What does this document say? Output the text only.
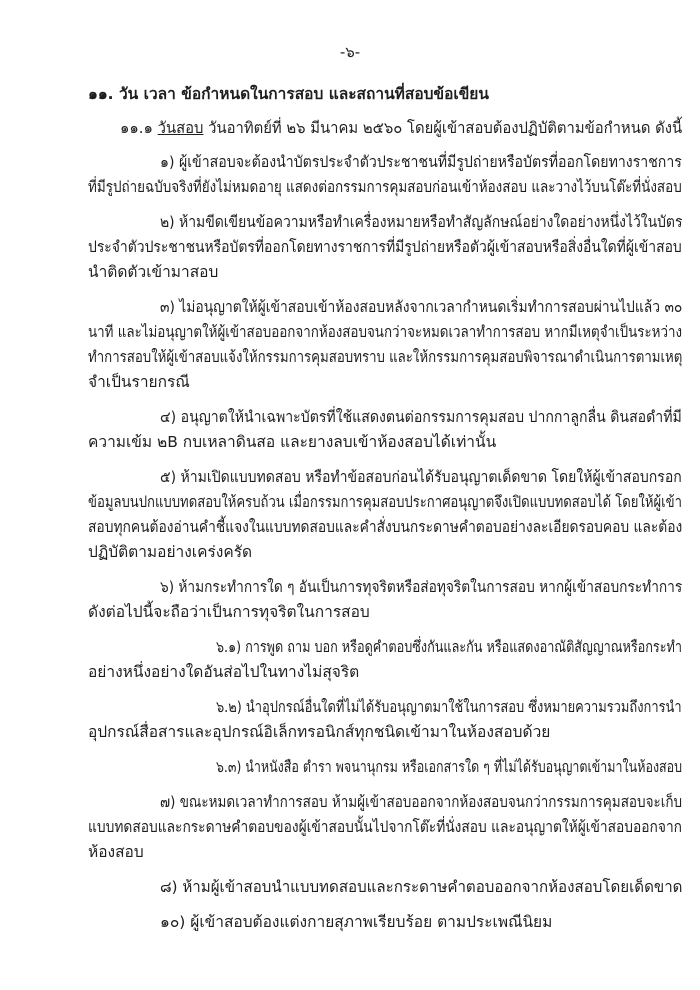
-๖-
๑๑. วัน เวลา ข้อกำหนดในการสอบ และสถานที่สอบข้อเขียน
๑๑.๑ วันสอบ วันอาทิตย์ที่ ๒๖ มีนาคม ๒๕๖๐ โดยผู้เข้าสอบต้องปฏิบัติตามข้อกำหนด ดังนี้
๑) ผู้เข้าสอบจะต้องนำบัตรประจำตัวประชาชนที่มีรูปถ่ายหรือบัตรที่ออกโดยทางราชการ
ที่มีรูปถ่ายฉบับจริงที่ยังไม่หมดอายุ แสดงต่อกรรมการคุมสอบก่อนเข้าห้องสอบ และวางไว้บนโต๊ะที่นั่งสอบ
๒) ห้ามขีดเขียนข้อความหรือทำเครื่องหมายหรือทำสัญลักษณ์อย่างใดอย่างหนึ่งไว้ในบัตร
ประจำตัวประชาชนหรือบัตรที่ออกโดยทางราชการที่มีรูปถ่ายหรือตัวผู้เข้าสอบหรือสิ่งอื่นใดที่ผู้เข้าสอบ
นำติดตัวเข้ามาสอบ
๓) ไม่อนุญาตให้ผู้เข้าสอบเข้าห้องสอบหลังจากเวลากำหนดเริ่มทำการสอบผ่านไปแล้ว ๓๐
นาที และไม่อนุญาตให้ผู้เข้าสอบออกจากห้องสอบจนกว่าจะหมดเวลาทำการสอบ หากมีเหตุจำเป็นระหว่าง
ทำการสอบให้ผู้เข้าสอบแจ้งให้กรรมการคุมสอบทราบ และให้กรรมการคุมสอบพิจารณาดำเนินการตามเหตุ
จำเป็นรายกรณี
๔) อนุญาตให้นำเฉพาะบัตรที่ใช้แสดงตนต่อกรรมการคุมสอบ ปากกาลูกลื่น ดินสอดำที่มี
ความเข้ม ๒B กบเหลาดินสอ และยางลบเข้าห้องสอบได้เท่านั้น
๕) ห้ามเปิดแบบทดสอบ หรือทำข้อสอบก่อนได้รับอนุญาตเด็ดขาด โดยให้ผู้เข้าสอบกรอก
ข้อมูลบนปกแบบทดสอบให้ครบถ้วน เมื่อกรรมการคุมสอบประกาศอนุญาตจึงเปิดแบบทดสอบได้ โดยให้ผู้เข้า
สอบทุกคนต้องอ่านคำชี้แจงในแบบทดสอบและคำสั่งบนกระดาษคำตอบอย่างละเอียดรอบคอบ และต้อง
ปฏิบัติตามอย่างเคร่งครัด
๖) ห้ามกระทำการใด ๆ อันเป็นการทุจริตหรือส่อทุจริตในการสอบ หากผู้เข้าสอบกระทำการ
ดังต่อไปนี้จะถือว่าเป็นการทุจริตในการสอบ
๖.๑) การพูด ถาม บอก หรือดูคำตอบซึ่งกันและกัน หรือแสดงอาณัติสัญญาณหรือกระทำ
อย่างหนึ่งอย่างใดอันส่อไปในทางไม่สุจริต
๖.๒) นำอุปกรณ์อื่นใดที่ไม่ได้รับอนุญาตมาใช้ในการสอบ ซึ่งหมายความรวมถึงการนำ
อุปกรณ์สื่อสารและอุปกรณ์อิเล็กทรอนิกส์ทุกชนิดเข้ามาในห้องสอบด้วย
๖.๓) นำหนังสือ ตำรา พจนานุกรม หรือเอกสารใด ๆ ที่ไม่ได้รับอนุญาตเข้ามาในห้องสอบ
๗) ขณะหมดเวลาทำการสอบ ห้ามผู้เข้าสอบออกจากห้องสอบจนกว่ากรรมการคุมสอบจะเก็บ
แบบทดสอบและกระดาษคำตอบของผู้เข้าสอบนั้นไปจากโต๊ะที่นั่งสอบ และอนุญาตให้ผู้เข้าสอบออกจาก
ห้องสอบ
๘) ห้ามผู้เข้าสอบนำแบบทดสอบและกระดาษคำตอบออกจากห้องสอบโดยเด็ดขาด
๑๐) ผู้เข้าสอบต้องแต่งกายสุภาพเรียบร้อย ตามประเพณีนิยม
